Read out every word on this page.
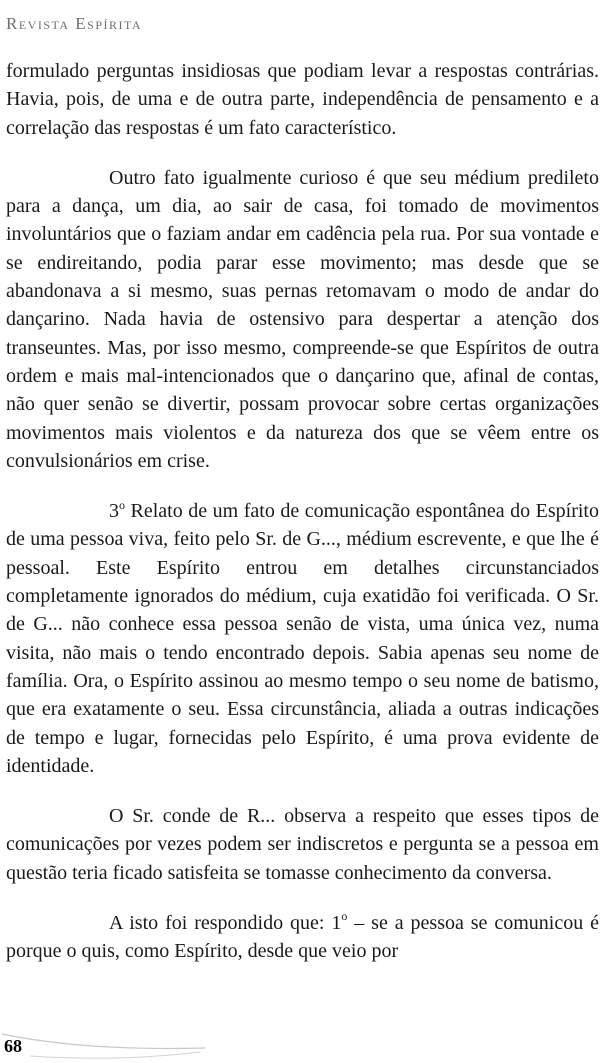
Revista Espírita

formulado perguntas insidiosas que podiam levar a respostas contrárias. Havia, pois, de uma e de outra parte, independência de pensamento e a correlação das respostas é um fato característico.

Outro fato igualmente curioso é que seu médium predileto para a dança, um dia, ao sair de casa, foi tomado de movimentos involuntários que o faziam andar em cadência pela rua. Por sua vontade e se endireitando, podia parar esse movimento; mas desde que se abandonava a si mesmo, suas pernas retomavam o modo de andar do dançarino. Nada havia de ostensivo para despertar a atenção dos transeuntes. Mas, por isso mesmo, compreende-se que Espíritos de outra ordem e mais mal-intencionados que o dançarino que, afinal de contas, não quer senão se divertir, possam provocar sobre certas organizações movimentos mais violentos e da natureza dos que se vêem entre os convulsionários em crise.

3$^o$ Relato de um fato de comunicação espontânea do Espírito de uma pessoa viva, feito pelo Sr. de G..., médium escrevente, e que lhe é pessoal. Este Espírito entrou em detalhes circunstanciados completamente ignorados do médium, cuja exatidão foi verificada. O Sr. de G... não conhece essa pessoa senão de vista, uma única vez, numa visita, não mais o tendo encontrado depois. Sabia apenas seu nome de família. Ora, o Espírito assinou ao mesmo tempo o seu nome de batismo, que era exatamente o seu. Essa circunstância, aliada a outras indicações de tempo e lugar, fornecidas pelo Espírito, é uma prova evidente de identidade.

O Sr. conde de R... observa a respeito que esses tipos de comunicações por vezes podem ser indiscretos e pergunta se a pessoa em questão teria ficado satisfeita se tomasse conhecimento da conversa.

A isto foi respondido que: 1$^o$ – se a pessoa se comunicou é porque o quis, como Espírito, desde que veio por

68
